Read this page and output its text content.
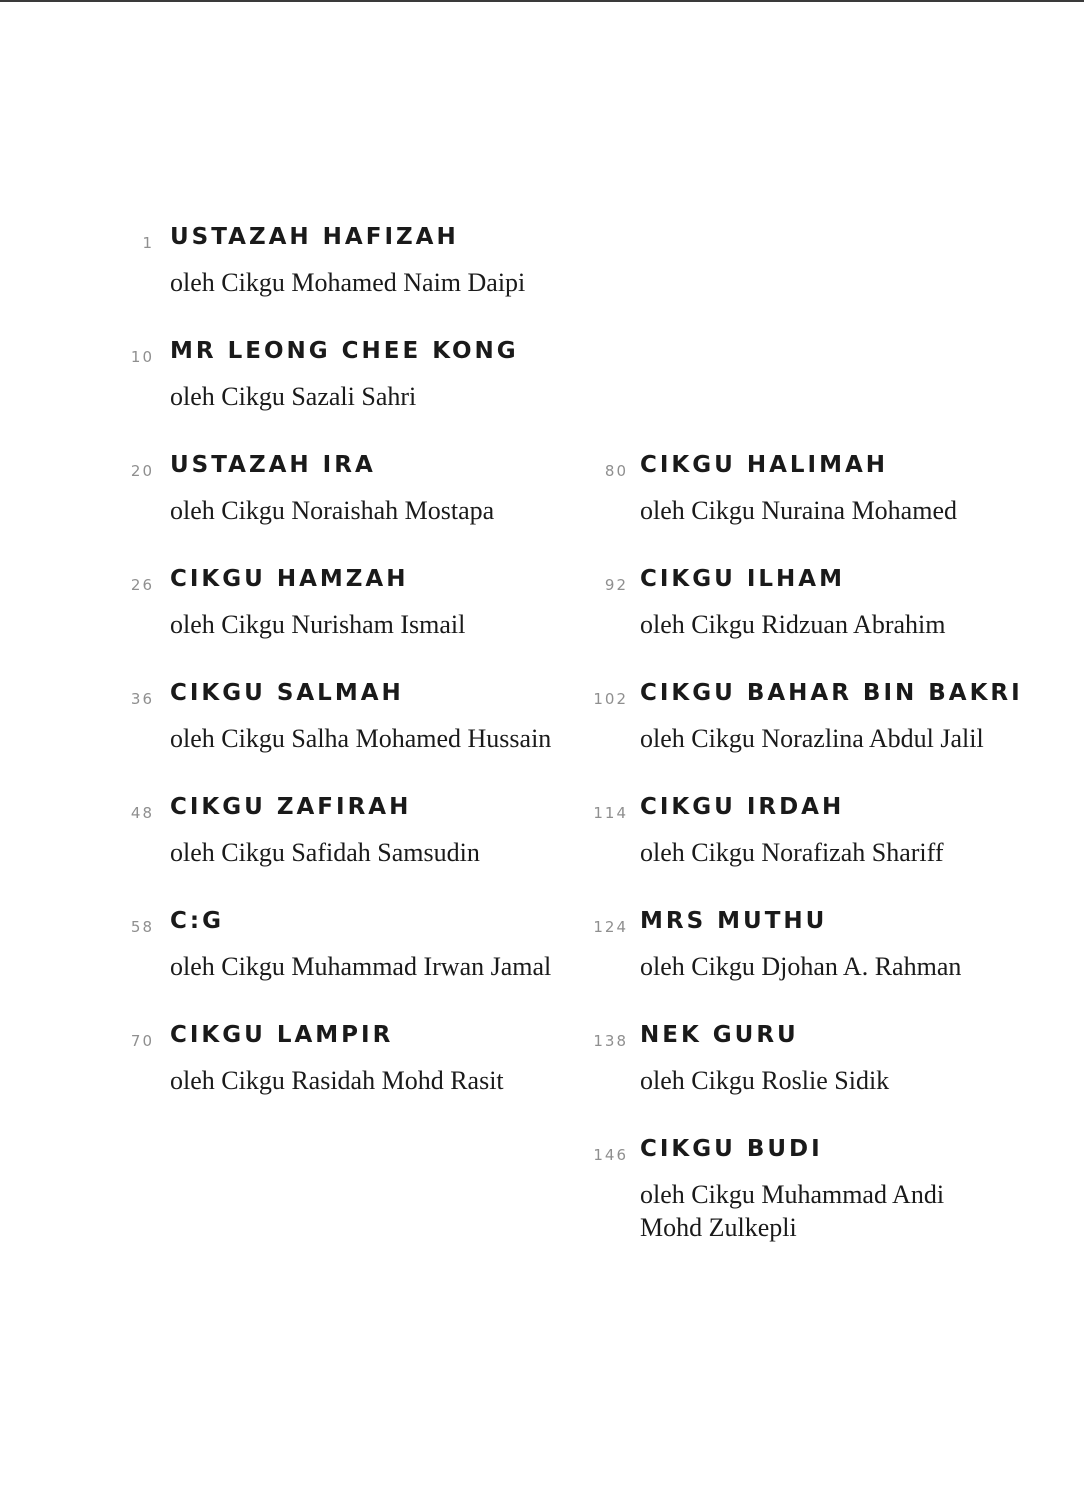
1 USTAZAH HAFIZAH
oleh Cikgu Mohamed Naim Daipi
10 MR LEONG CHEE KONG
oleh Cikgu Sazali Sahri
20 USTAZAH IRA
oleh Cikgu Noraishah Mostapa
26 CIKGU HAMZAH
oleh Cikgu Nurisham Ismail
36 CIKGU SALMAH
oleh Cikgu Salha Mohamed Hussain
48 CIKGU ZAFIRAH
oleh Cikgu Safidah Samsudin
58 C:G
oleh Cikgu Muhammad Irwan Jamal
70 CIKGU LAMPIR
oleh Cikgu Rasidah Mohd Rasit
80 CIKGU HALIMAH
oleh Cikgu Nuraina Mohamed
92 CIKGU ILHAM
oleh Cikgu Ridzuan Abrahim
102 CIKGU BAHAR BIN BAKRI
oleh Cikgu Norazlina Abdul Jalil
114 CIKGU IRDAH
oleh Cikgu Norafizah Shariff
124 MRS MUTHU
oleh Cikgu Djohan A. Rahman
138 NEK GURU
oleh Cikgu Roslie Sidik
146 CIKGU BUDI
oleh Cikgu Muhammad Andi
Mohd Zulkepli
